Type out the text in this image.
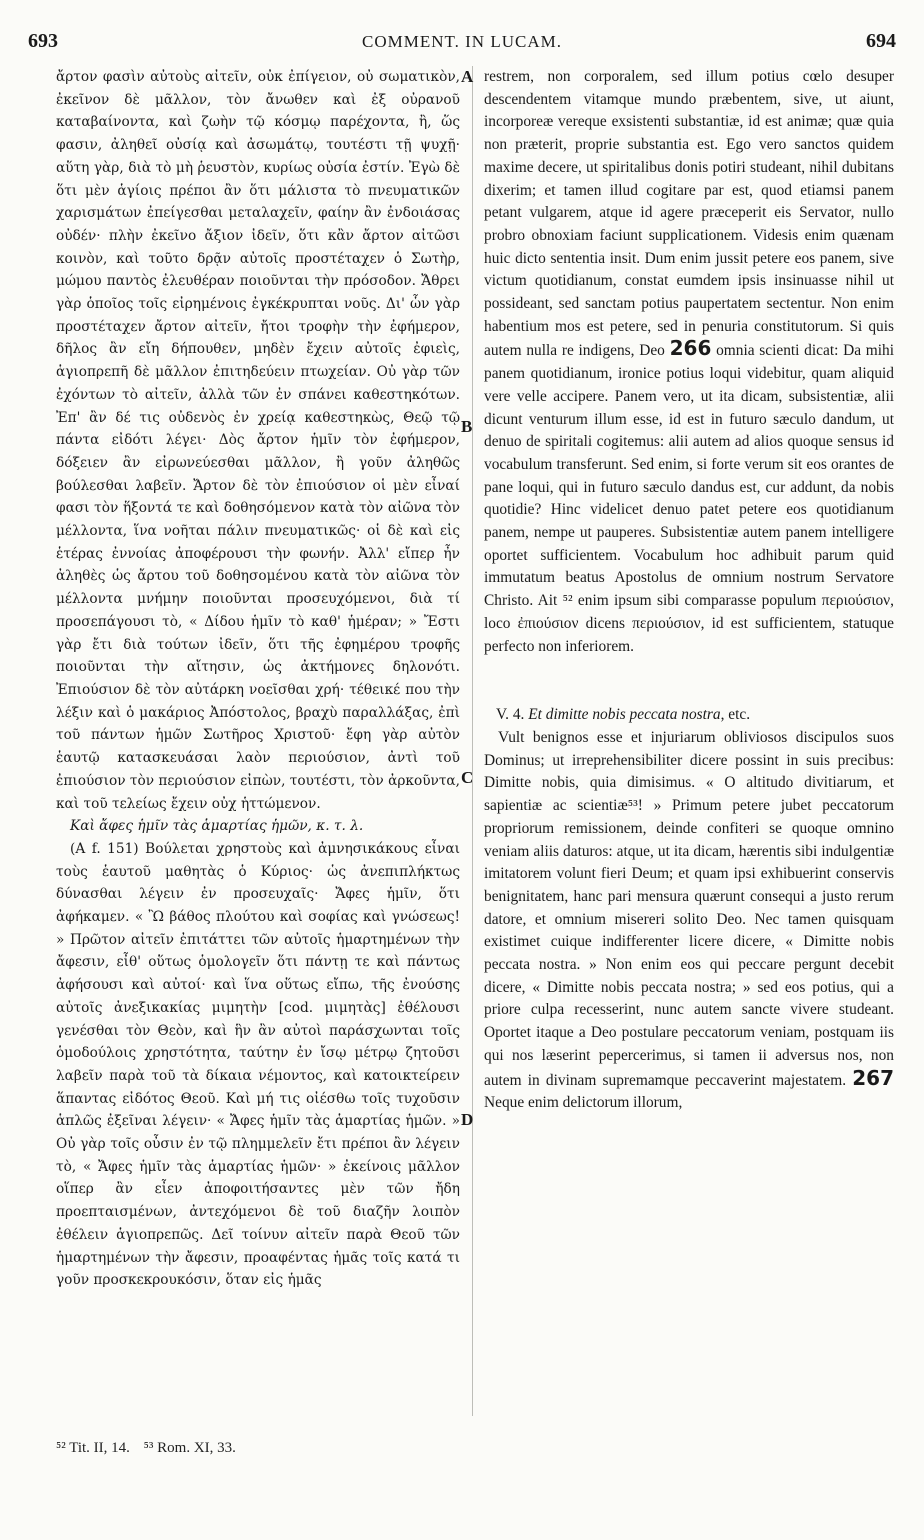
693	COMMENT. IN LUCAM.	694

ἄρτον φασὶν αὐτοὺς αἰτεῖν, οὐκ ἐπίγειον, οὐ σωματικὸν, ἐκεῖνον δὲ μᾶλλον, τὸν ἄνωθεν καὶ ἐξ οὐρανοῦ καταβαίνοντα, καὶ ζωὴν τῷ κόσμῳ παρέχοντα, ἢ, ὥς φασιν, ἀληθεῖ οὐσίᾳ καὶ ἀσωμάτῳ, τουτέστι τῇ ψυχῇ· αὕτη γὰρ, διὰ τὸ μὴ ῥευστὸν, κυρίως οὐσία ἐστίν. Ἐγὼ δὲ ὅτι μὲν ἁγίοις πρέποι ἂν ὅτι μάλιστα τὸ πνευματικῶν χαρισμάτων ἐπείγεσθαι μεταλαχεῖν, φαίην ἂν ἐνδοιάσας οὐδέν· πλὴν ἐκεῖνο ἄξιον ἰδεῖν, ὅτι κἂν ἄρτον αἰτῶσι κοινὸν, καὶ τοῦτο δρᾷν αὐτοῖς προστέταχεν ὁ Σωτὴρ, μώμου παντὸς ἐλευθέραν ποιοῦνται τὴν πρόσοδον. Ἄθρει γὰρ ὁποῖος τοῖς εἰρημένοις ἐγκέκρυπται νοῦς. Δι' ὧν γὰρ προστέταχεν ἄρτον αἰτεῖν, ἤτοι τροφὴν τὴν ἐφήμερον, δῆλος ἂν εἴη δήπουθεν, μηδὲν ἔχειν αὐτοῖς ἐφιεὶς, ἁγιοπρεπῆ δὲ μᾶλλον ἐπιτηδεύειν πτωχείαν. Οὐ γὰρ τῶν ἐχόντων τὸ αἰτεῖν, ἀλλὰ τῶν ἐν σπάνει καθεστηκότων. Ἐπ' ἂν δέ τις οὐδενὸς ἐν χρείᾳ καθεστηκὼς, Θεῷ τῷ πάντα εἰδότι λέγει· Δὸς ἄρτον ἡμῖν τὸν ἐφήμερον, δόξειεν ἂν εἰρωνεύεσθαι μᾶλλον, ἢ γοῦν ἀληθῶς βούλεσθαι λαβεῖν. Ἄρτον δὲ τὸν ἐπιούσιον οἱ μὲν εἶναί φασι τὸν ἥξοντά τε καὶ δοθησόμενον κατὰ τὸν αἰῶνα τὸν μέλλοντα, ἵνα νοῆται πάλιν πνευματικῶς· οἱ δὲ καὶ εἰς ἑτέρας ἐννοίας ἀποφέρουσι τὴν φωνήν. Ἀλλ' εἴπερ ἦν ἀληθὲς ὡς ἄρτου τοῦ δοθησομένου κατὰ τὸν αἰῶνα τὸν μέλλοντα μνήμην ποιοῦνται προσευχόμενοι, διὰ τί προσεπάγουσι τὸ, « Δίδου ἡμῖν τὸ καθ' ἡμέραν; » Ἔστι γὰρ ἔτι διὰ τούτων ἰδεῖν, ὅτι τῆς ἐφημέρου τροφῆς ποιοῦνται τὴν αἴτησιν, ὡς ἀκτήμονες δηλονότι. Ἐπιούσιον δὲ τὸν αὐτάρκη νοεῖσθαι χρή· τέθεικέ που τὴν λέξιν καὶ ὁ μακάριος Ἀπόστολος, βραχὺ παραλλάξας, ἐπὶ τοῦ πάντων ἡμῶν Σωτῆρος Χριστοῦ· ἔφη γὰρ αὐτὸν ἑαυτῷ κατασκευάσαι λαὸν περιούσιον, ἀντὶ τοῦ ἐπιούσιον τὸν περιούσιον εἰπὼν, τουτέστι, τὸν ἀρκοῦντα, καὶ τοῦ τελείως ἔχειν οὐχ ἡττώμενον.

Καὶ ἄφες ἡμῖν τὰς ἁμαρτίας ἡμῶν, κ. τ. λ.

(A f. 151) Βούλεται χρηστοὺς καὶ ἀμνησικάκους εἶναι τοὺς ἑαυτοῦ μαθητὰς ὁ Κύριος· ὡς ἀνεπιπλήκτως δύνασθαι λέγειν ἐν προσευχαῖς· Ἄφες ἡμῖν, ὅτι ἀφήκαμεν. « Ὢ βάθος πλούτου καὶ σοφίας καὶ γνώσεως! » Πρῶτον αἰτεῖν ἐπιτάττει τῶν αὐτοῖς ἡμαρτημένων τὴν ἄφεσιν, εἶθ' οὕτως ὁμολογεῖν ὅτι πάντῃ τε καὶ πάντως ἀφήσουσι καὶ αὐτοί· καὶ ἵνα οὕτως εἴπω, τῆς ἐνούσης αὐτοῖς ἀνεξικακίας μιμητὴν [cod. μιμητὰς] ἐθέλουσι γενέσθαι τὸν Θεὸν, καὶ ἣν ἂν αὐτοὶ παράσχωνται τοῖς ὁμοδούλοις χρηστότητα, ταύτην ἐν ἴσῳ μέτρῳ ζητοῦσι λαβεῖν παρὰ τοῦ τὰ δίκαια νέμοντος, καὶ κατοικτείρειν ἅπαντας εἰδότος Θεοῦ. Καὶ μή τις οἰέσθω τοῖς τυχοῦσιν ἁπλῶς ἐξεῖναι λέγειν· « Ἄφες ἡμῖν τὰς ἁμαρτίας ἡμῶν. » Οὐ γὰρ τοῖς οὖσιν ἐν τῷ πλημμελεῖν ἔτι πρέποι ἂν λέγειν τὸ, « Ἄφες ἡμῖν τὰς ἁμαρτίας ἡμῶν· » ἐκείνοις μᾶλλον οἵπερ ἂν εἶεν ἀποφοιτήσαντες μὲν τῶν ἤδη προεπταισμένων, ἀντεχόμενοι δὲ τοῦ διαζῆν λοιπὸν ἐθέλειν ἁγιοπρεπῶς. Δεῖ τοίνυν αἰτεῖν παρὰ Θεοῦ τῶν ἡμαρτημένων τὴν ἄφεσιν, προαφέντας ἡμᾶς τοῖς κατά τι γοῦν προσκεκρουκόσιν, ὅταν εἰς ἡμᾶς

A
B
C
D

restrem, non corporalem, sed illum potius cœlo desuper descendentem vitamque mundo præbentem, sive, ut aiunt, incorporeæ vereque exsistenti substantiæ, id est animæ; quæ quia non præterit, proprie substantia est. Ego vero sanctos quidem maxime decere, ut spiritalibus donis potiri studeant, nihil dubitans dixerim; et tamen illud cogitare par est, quod etiamsi panem petant vulgarem, atque id agere præceperit eis Servator, nullo probro obnoxiam faciunt supplicationem. Videsis enim quænam huic dicto sententia insit. Dum enim jussit petere eos panem, sive victum quotidianum, constat eumdem ipsis insinuasse nihil ut possideant, sed sanctam potius paupertatem sectentur. Non enim habentium mos est petere, sed in penuria constitutorum. Si quis autem nulla re indigens, Deo 266 omnia scienti dicat: Da mihi panem quotidianum, ironice potius loqui videbitur, quam aliquid vere velle accipere. Panem vero, ut ita dicam, subsistentiæ, alii dicunt venturum illum esse, id est in futuro sæculo dandum, ut denuo de spiritali cogitemus: alii autem ad alios quoque sensus id vocabulum transferunt. Sed enim, si forte verum sit eos orantes de pane loqui, qui in futuro sæculo dandus est, cur addunt, da nobis quotidie? Hinc videlicet denuo patet petere eos quotidianum panem, nempe ut pauperes. Subsistentiæ autem panem intelligere oportet sufficientem. Vocabulum hoc adhibuit parum quid immutatum beatus Apostolus de omnium nostrum Servatore Christo. Ait ⁵² enim ipsum sibi comparasse populum περιούσιον, loco ἐπιούσιον dicens περιούσιον, id est sufficientem, statuque perfecto non inferiorem.

V. 4. Et dimitte nobis peccata nostra, etc.

Vult benignos esse et injuriarum obliviosos discipulos suos Dominus; ut irreprehensibiliter dicere possint in suis precibus: Dimitte nobis, quia dimisimus. « O altitudo divitiarum, et sapientiæ ac scientiæ⁵³! » Primum petere jubet peccatorum propriorum remissionem, deinde confiteri se quoque omnino veniam aliis daturos: atque, ut ita dicam, hærentis sibi indulgentiæ imitatorem volunt fieri Deum; et quam ipsi exhibuerint conservis benignitatem, hanc pari mensura quærunt consequi a justo rerum datore, et omnium misereri solito Deo. Nec tamen quisquam existimet cuique indifferenter licere dicere, « Dimitte nobis peccata nostra. » Non enim eos qui peccare pergunt decebit dicere, « Dimitte nobis peccata nostra; » sed eos potius, qui a priore culpa recesserint, nunc autem sancte vivere studeant. Oportet itaque a Deo postulare peccatorum veniam, postquam iis qui nos læserint pepercerimus, si tamen ii adversus nos, non autem in divinam supremamque peccaverint majestatem. 267 Neque enim delictorum illorum,

⁵² Tit. II, 14. ⁵³ Rom. XI, 33.
